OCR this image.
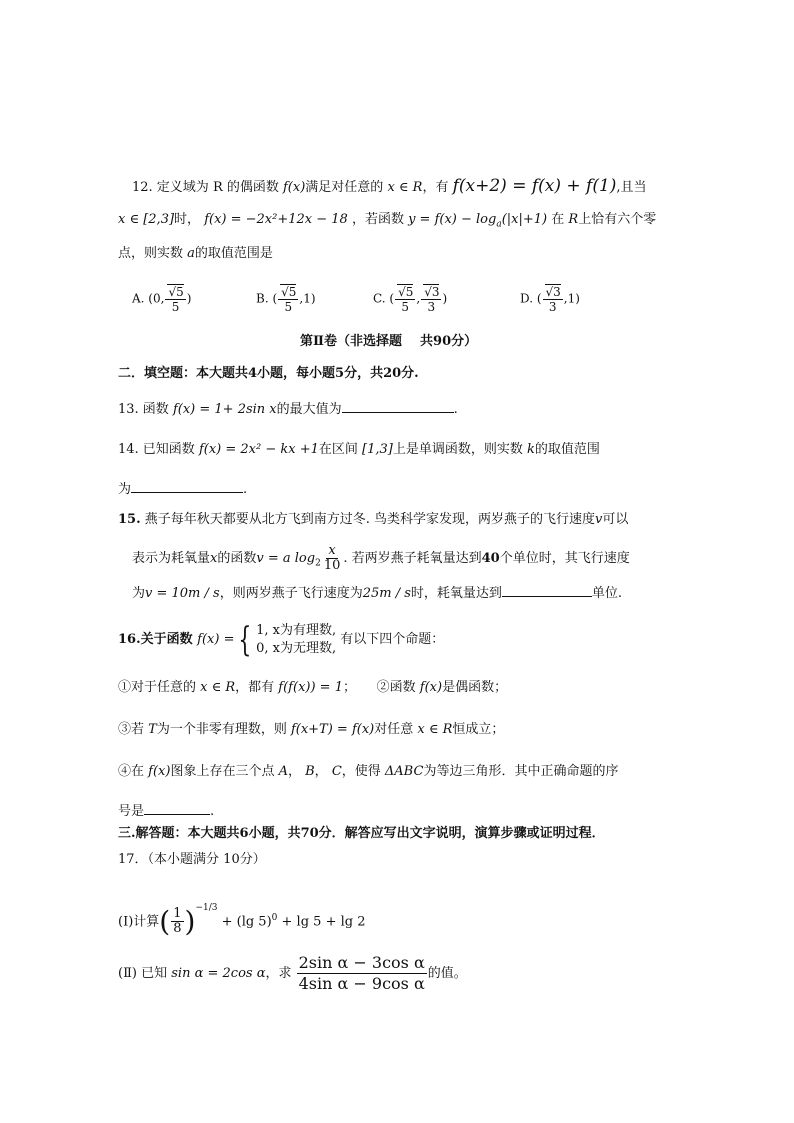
12. 定义域为 R 的偶函数 f(x)满足对任意的 x ∈ R，有 f(x+2) = f(x) + f(1),且当
x ∈ [2,3]时， f(x) = −2x²+12x − 18 ，若函数 $y = f(x) - \log_a(|x|+1)$ 在 R上恰有六个零
点，则实数 a的取值范围是
A. (0, $\frac{√5}{5}$ )	B. ( $\frac{√5}{5} ,1$)	C. ( $\frac{√5}{5}$ , $\frac{√3}{3}$ )	D. ( $\frac{√3}{3} ,1$)
第Ⅱ卷（非选择题    共90分）
二．填空题：本大题共4小题，每小题5分，共20分.
13. 函数 f(x) = 1+ 2sin x的最大值为	.
14. 已知函数 f(x) = 2x² − kx +1在区间 [1,3]上是单调函数，则实数 k的取值范围
为	.
15. 燕子每年秋天都要从北方飞到南方过冬. 鸟类科学家发现，两岁燕子的飞行速度v可以
表示为耗氧量x的函数v = a $\log_2 \frac{x}{10}$ . 若两岁燕子耗氧量达到40个单位时，其飞行速度
为v = 10m / s，则两岁燕子飞行速度为25m / s时，耗氧量达到	单位.
16.关于函数 f(x) = { 1, x为有理数,
0, x为无理数,
有以下四个命题：
①对于任意的 x ∈ R，都有 f(f(x)) = 1；     ②函数 f(x)是偶函数；
③若 T为一个非零有理数，则 f(x+T) = f(x)对任意 x ∈ R恒成立；
④在 f(x)图象上存在三个点 A， B， C，使得 ΔABC为等边三角形．其中正确命题的序
号是	.
三.解答题：本大题共6小题，共70分．解答应写出文字说明，演算步骤或证明过程．
17．（本小题满分 10分）
(Ⅰ)计算( $\frac{1}{8} )^{-1/3} + (\lg$ 5)$^0$ + lg 5 + lg 2
(Ⅱ) 已知 sin α = 2cos α，求 $\frac{\text{2sin α − 3cos α}}{\text{4sin α − 9cos α}}$ 的值。
